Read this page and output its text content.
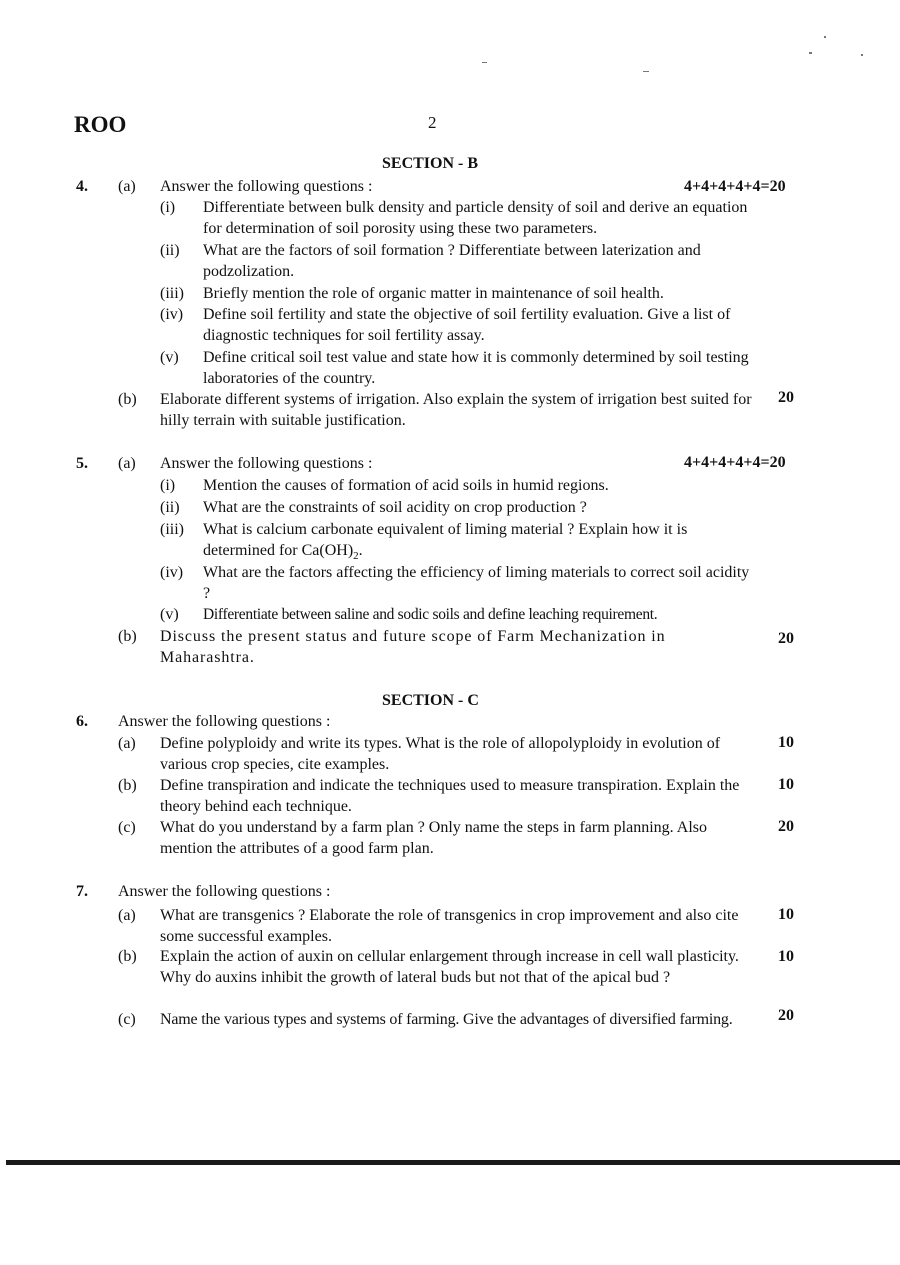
ROO	2
SECTION - B
4. (a) Answer the following questions :	4+4+4+4+4=20
(i) Differentiate between bulk density and particle density of soil and derive an equation for determination of soil porosity using these two parameters.
(ii) What are the factors of soil formation ? Differentiate between laterization and podzolization.
(iii) Briefly mention the role of organic matter in maintenance of soil health.
(iv) Define soil fertility and state the objective of soil fertility evaluation. Give a list of diagnostic techniques for soil fertility assay.
(v) Define critical soil test value and state how it is commonly determined by soil testing laboratories of the country.
(b) Elaborate different systems of irrigation. Also explain the system of irrigation best suited for hilly terrain with suitable justification.
20
5. (a) Answer the following questions :	4+4+4+4+4=20
(i) Mention the causes of formation of acid soils in humid regions.
(ii) What are the constraints of soil acidity on crop production ?
(iii) What is calcium carbonate equivalent of liming material ? Explain how it is determined for $Ca(OH)_2$.
(iv) What are the factors affecting the efficiency of liming materials to correct soil acidity ?
(v) Differentiate between saline and sodic soils and define leaching requirement.
(b) Discuss the present status and future scope of Farm Mechanization in Maharashtra.
20
SECTION - C
6. Answer the following questions :
(a) Define polyploidy and write its types. What is the role of allopolyploidy in evolution of various crop species, cite examples.
10
(b) Define transpiration and indicate the techniques used to measure transpiration. Explain the theory behind each technique.
10
(c) What do you understand by a farm plan ? Only name the steps in farm planning. Also mention the attributes of a good farm plan.
20
7. Answer the following questions :
(a) What are transgenics ? Elaborate the role of transgenics in crop improvement and also cite some successful examples.
10
(b) Explain the action of auxin on cellular enlargement through increase in cell wall plasticity. Why do auxins inhibit the growth of lateral buds but not that of the apical bud ?
10
(c) Name the various types and systems of farming. Give the advantages of diversified farming.	20
